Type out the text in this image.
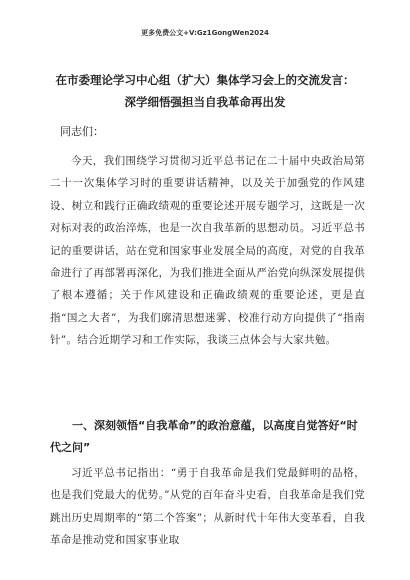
更多免费公文+V:Gz1GongWen2024
在市委理论学习中心组（扩大）集体学习会上的交流发言：
深学细悟强担当自我革命再出发
同志们：
今天，我们围绕学习贯彻习近平总书记在二十届中央政治局第二十一次集体学习时的重要讲话精神，以及关于加强党的作风建设、树立和践行正确政绩观的重要论述开展专题学习，这既是一次对标对表的政治淬炼，也是一次自我革新的思想动员。习近平总书记的重要讲话，站在党和国家事业发展全局的高度，对党的自我革命进行了再部署再深化，为我们推进全面从严治党向纵深发展提供了根本遵循；关于作风建设和正确政绩观的重要论述，更是直指“国之大者”，为我们廓清思想迷雾、校准行动方向提供了“指南针”。结合近期学习和工作实际，我谈三点体会与大家共勉。
一、深刻领悟“自我革命”的政治意蕴，以高度自觉答好“时代之问”
习近平总书记指出：“勇于自我革命是我们党最鲜明的品格，也是我们党最大的优势。”从党的百年奋斗史看，自我革命是我们党跳出历史周期率的“第二个答案”；从新时代十年伟大变革看，自我革命是推动党和国家事业取
